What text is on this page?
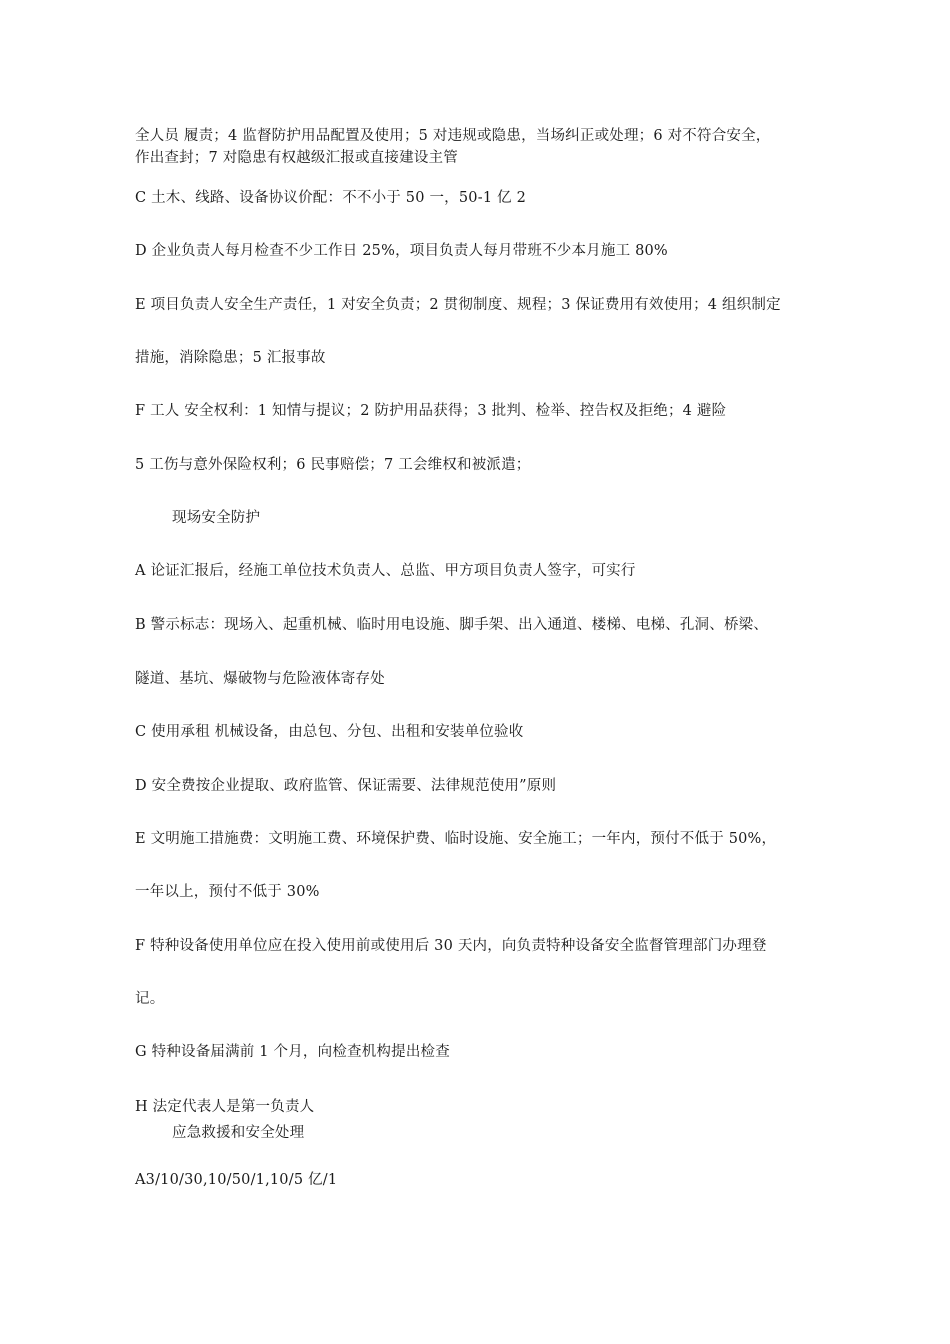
全人员 履责；4 监督防护用品配置及使用；5 对违规或隐患，当场纠正或处理；6 对不符合安全，
作出查封；7 对隐患有权越级汇报或直接建设主管
C 土木、线路、设备协议价配：不不小于 50 一，50-1 亿 2
D 企业负责人每月检查不少工作日 25%，项目负责人每月带班不少本月施工 80%
E 项目负责人安全生产责任，1 对安全负责；2 贯彻制度、规程；3 保证费用有效使用；4 组织制定
措施，消除隐患；5 汇报事故
F 工人 安全权利：1 知情与提议；2 防护用品获得；3 批判、检举、控告权及拒绝；4 避险
5 工伤与意外保险权利；6 民事赔偿；7 工会维权和被派遣；
现场安全防护
A 论证汇报后，经施工单位技术负责人、总监、甲方项目负责人签字，可实行
B 警示标志：现场入、起重机械、临时用电设施、脚手架、出入通道、楼梯、电梯、孔洞、桥梁、
隧道、基坑、爆破物与危险液体寄存处
C 使用承租 机械设备，由总包、分包、出租和安装单位验收
D 安全费按企业提取、政府监管、保证需要、法律规范使用”原则
E 文明施工措施费：文明施工费、环境保护费、临时设施、安全施工；一年内，预付不低于 50%，
一年以上，预付不低于 30%
F 特种设备使用单位应在投入使用前或使用后 30 天内，向负责特种设备安全监督管理部门办理登
记。
G 特种设备届满前 1 个月，向检查机构提出检查
H 法定代表人是第一负责人
应急救援和安全处理
A3/10/30,10/50/1,10/5 亿/1
